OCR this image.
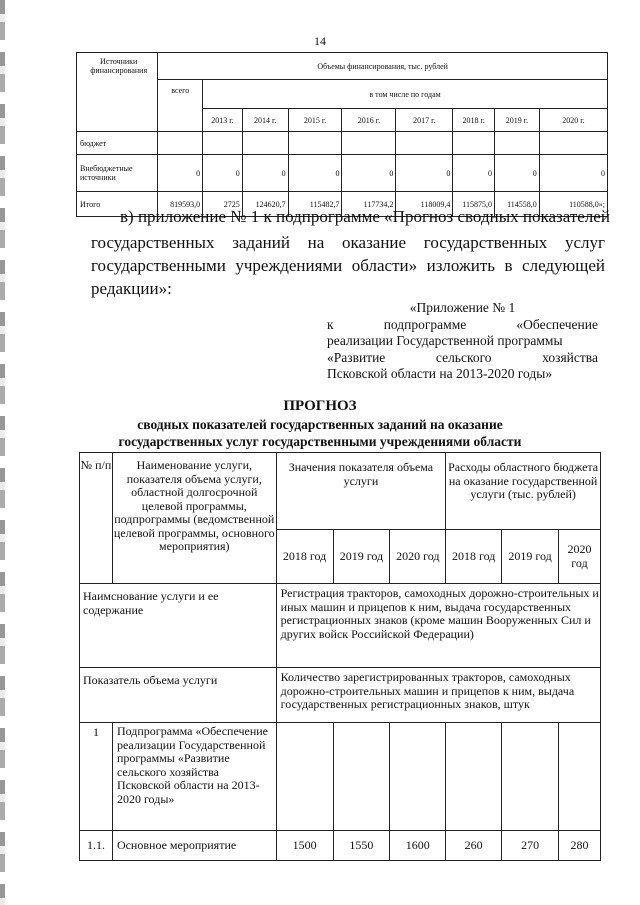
14
Источники финансирования	Объемы финансирования, тыс. рублей								
	всего	в том числе по годам							
		2013 г.	2014 г.	2015 г.	2016 г.	2017 г.	2018 г.	2019 г.	2020 г.
бюджет									
Внебюджетные источники	0	0	0	0	0	0	0	0	0
Итого	819593,0	2725	124620,7	115482,7	117734,2	118009,4	115875,0	114558,0	110588,0»;
в) приложение № 1 к подпрограмме «Прогноз сводных показателей
государственных заданий на оказание государственных услуг
государственными учреждениями области» изложить в следующей
редакции»:
«Приложение № 1
к подпрограмме «Обеспечение
реализации Государственной программы
«Развитие сельского хозяйства
Псковской области на 2013-2020 годы»
ПРОГНОЗ
сводных показателей государственных заданий на оказание
государственных услуг государственными учреждениями области
№ п/п	Наименование услуги, показателя объема услуги, областной долгосрочной целевой программы, подпрограммы (ведомственной целевой программы, основного мероприятия)	Значения показателя объема услуги			Расходы областного бюджета на оказание государственной услуги (тыс. рублей)		
		2018 год	2019 год	2020 год	2018 год	2019 год	2020 год
Наимснование услуги и ее содержание		Регистрация тракторов, самоходных дорожно-строительных и иных машин и прицепов к ним, выдача государственных регистрационных знаков (кроме машин Вооруженных Сил и других войск Российской Федерации)					
Показатель объема услуги		Количество зарегистрированных тракторов, самоходных дорожно-строительных машин и прицепов к ним, выдача государственных регистрационных знаков, штук					
1	Подпрограмма «Обеспечение реализации Государственной программы «Развитие сельского хозяйства Псковской области на 2013-2020 годы»						
1.1.	Основное мероприятие	1500	1550	1600	260	270	280
